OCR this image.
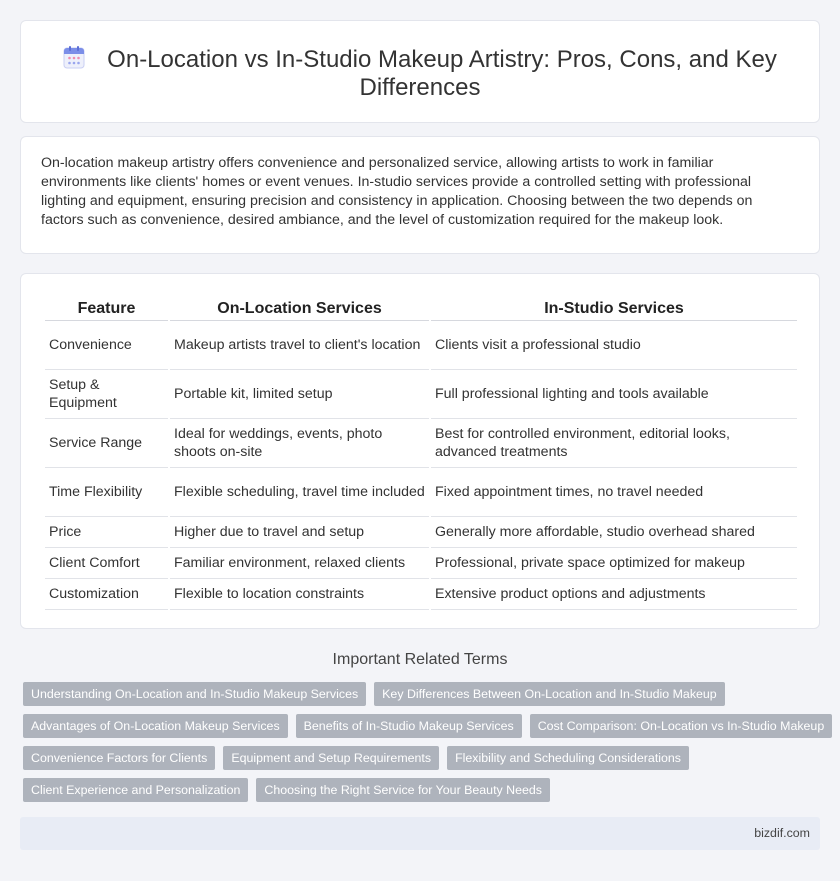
On-Location vs In-Studio Makeup Artistry: Pros, Cons, and Key Differences

On-location makeup artistry offers convenience and personalized service, allowing artists to work in familiar environments like clients' homes or event venues. In-studio services provide a controlled setting with professional lighting and equipment, ensuring precision and consistency in application. Choosing between the two depends on factors such as convenience, desired ambiance, and the level of customization required for the makeup look.

Feature	On-Location Services	In-Studio Services
Convenience	Makeup artists travel to client's location	Clients visit a professional studio
Setup & Equipment	Portable kit, limited setup	Full professional lighting and tools available
Service Range	Ideal for weddings, events, photo shoots on-site	Best for controlled environment, editorial looks, advanced treatments
Time Flexibility	Flexible scheduling, travel time included	Fixed appointment times, no travel needed
Price	Higher due to travel and setup	Generally more affordable, studio overhead shared
Client Comfort	Familiar environment, relaxed clients	Professional, private space optimized for makeup
Customization	Flexible to location constraints	Extensive product options and adjustments
Important Related Terms
Understanding On-Location and In-Studio Makeup Services	Key Differences Between On-Location and In-Studio Makeup
Advantages of On-Location Makeup Services	Benefits of In-Studio Makeup Services	Cost Comparison: On-Location vs In-Studio Makeup
Convenience Factors for Clients	Equipment and Setup Requirements	Flexibility and Scheduling Considerations
Client Experience and Personalization	Choosing the Right Service for Your Beauty Needs
bizdif.com
